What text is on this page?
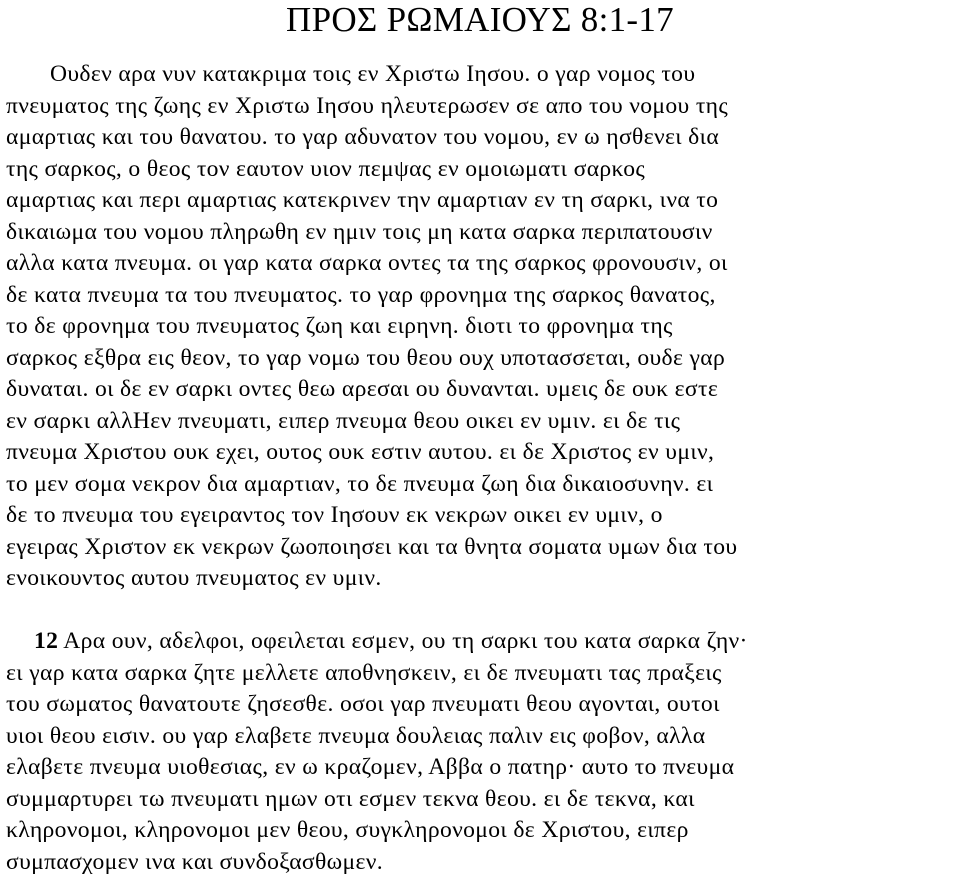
ΠΡΟΣ ΡΩΜΑΙΟΥΣ 8:1-17
Ουδεν αρα νυν κατακριμα τοις εν Χριστω Ιησου. ο γαρ νομος του
πνευματος της ζωης εν Χριστω Ιησου ηλευτερωσεν σε απο του νομου της
αμαρτιας και του θανατου. το γαρ αδυνατον του νομου, εν ω ησθενει δια
της σαρκος, ο θεος τον εαυτον υιον πεμψας εν ομοιωματι σαρκος
αμαρτιας και περι αμαρτιας κατεκρινεν την αμαρτιαν εν τη σαρκι, ινα το
δικαιωμα του νομου πληρωθη εν ημιν τοις μη κατα σαρκα περιπατουσιν
αλλα κατα πνευμα. οι γαρ κατα σαρκα οντες τα της σαρκος φρονουσιν, οι
δε κατα πνευμα τα του πνευματος. το γαρ φρονημα της σαρκος θανατος,
το δε φρονημα του πνευματος ζωη και ειρηνη. διοτι το φρονημα της
σαρκος εξθρα εις θεον, το γαρ νομω του θεου ουχ υποτασσεται, ουδε γαρ
δυναται. οι δε εν σαρκι οντες θεω αρεσαι ου δυνανται. υμεις δε ουκ εστε
εν σαρκι αλλΗεν πνευματι, ειπερ πνευμα θεου οικει εν υμιν. ει δε τις
πνευμα Χριστου ουκ εχει, ουτος ουκ εστιν αυτου. ει δε Χριστος εν υμιν,
το μεν σομα νεκρον δια αμαρτιαν, το δε πνευμα ζωη δια δικαιοσυνην. ει
δε το πνευμα του εγειραντος τον Ιησουν εκ νεκρων οικει εν υμιν, ο
εγειρας Χριστον εκ νεκρων ζωοποιησει και τα θνητα σοματα υμων δια του
ενοικουντος αυτου πνευματος εν υμιν.
12 Αρα ουν, αδελφοι, οφειλεται εσμεν, ου τη σαρκι του κατα σαρκα ζην·
ει γαρ κατα σαρκα ζητε μελλετε αποθνησκειν, ει δε πνευματι τας πραξεις
του σωματος θανατουτε ζησεσθε. οσοι γαρ πνευματι θεου αγονται, ουτοι
υιοι θεου εισιν. ου γαρ ελαβετε πνευμα δουλειας παλιν εις φοβον, αλλα
ελαβετε πνευμα υιοθεσιας, εν ω κραζομεν, Αββα ο πατηρ· αυτο το πνευμα
συμμαρτυρει τω πνευματι ημων οτι εσμεν τεκνα θεου. ει δε τεκνα, και
κληρονομοι, κληρονομοι μεν θεου, συγκληρονομοι δε Χριστου, ειπερ
συμπασχομεν ινα και συνδοξασθωμεν.
